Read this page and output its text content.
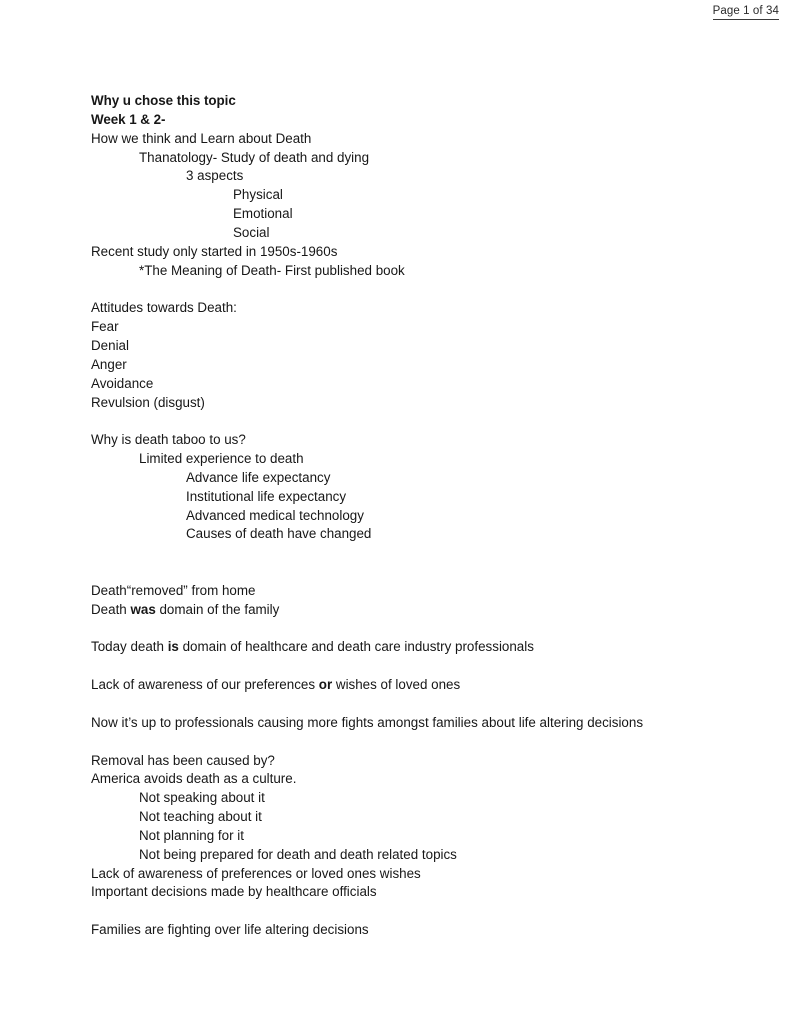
Page 1 of 34
Why u chose this topic
Week 1 & 2-
How we think and Learn about Death
Thanatology- Study of death and dying
3 aspects
Physical
Emotional
Social
Recent study only started in 1950s-1960s
*The Meaning of Death- First published book
Attitudes towards Death:
Fear
Denial
Anger
Avoidance
Revulsion (disgust)
Why is death taboo to us?
Limited experience to death
Advance life expectancy
Institutional life expectancy
Advanced medical technology
Causes of death have changed
Death“removed” from home
Death was domain of the family
Today death is domain of healthcare and death care industry professionals
Lack of awareness of our preferences or wishes of loved ones
Now it’s up to professionals causing more fights amongst families about life altering decisions
Removal has been caused by?
America avoids death as a culture.
Not speaking about it
Not teaching about it
Not planning for it
Not being prepared for death and death related topics
Lack of awareness of preferences or loved ones wishes
Important decisions made by healthcare officials
Families are fighting over life altering decisions
